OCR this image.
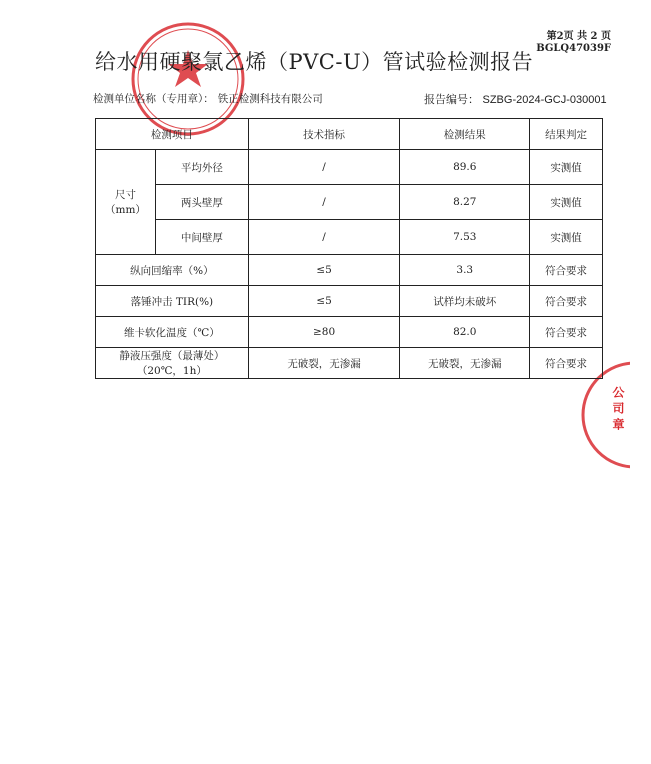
第2页 共 2 页
BGLQ47039F
给水用硬聚氯乙烯（PVC-U）管试验检测报告
检测单位名称（专用章）： 铁正检测科技有限公司	报告编号： SZBG-2024-GCJ-030001
检测项目		技术指标	检测结果	结果判定

尺寸
（mm）	平均外径	/	89.6	实测值
	两头壁厚	/	8.27	实测值
	中间壁厚	/	7.53	实测值
纵向回缩率（%）		≤5	3.3	符合要求
落锤冲击 TIR(%)		≤5	试样均未破坏	符合要求
维卡软化温度（℃）		≥80	82.0	符合要求

静液压强度（最薄处）
（20℃，1h）		无破裂，无渗漏	无破裂，无渗漏	符合要求
公司章
